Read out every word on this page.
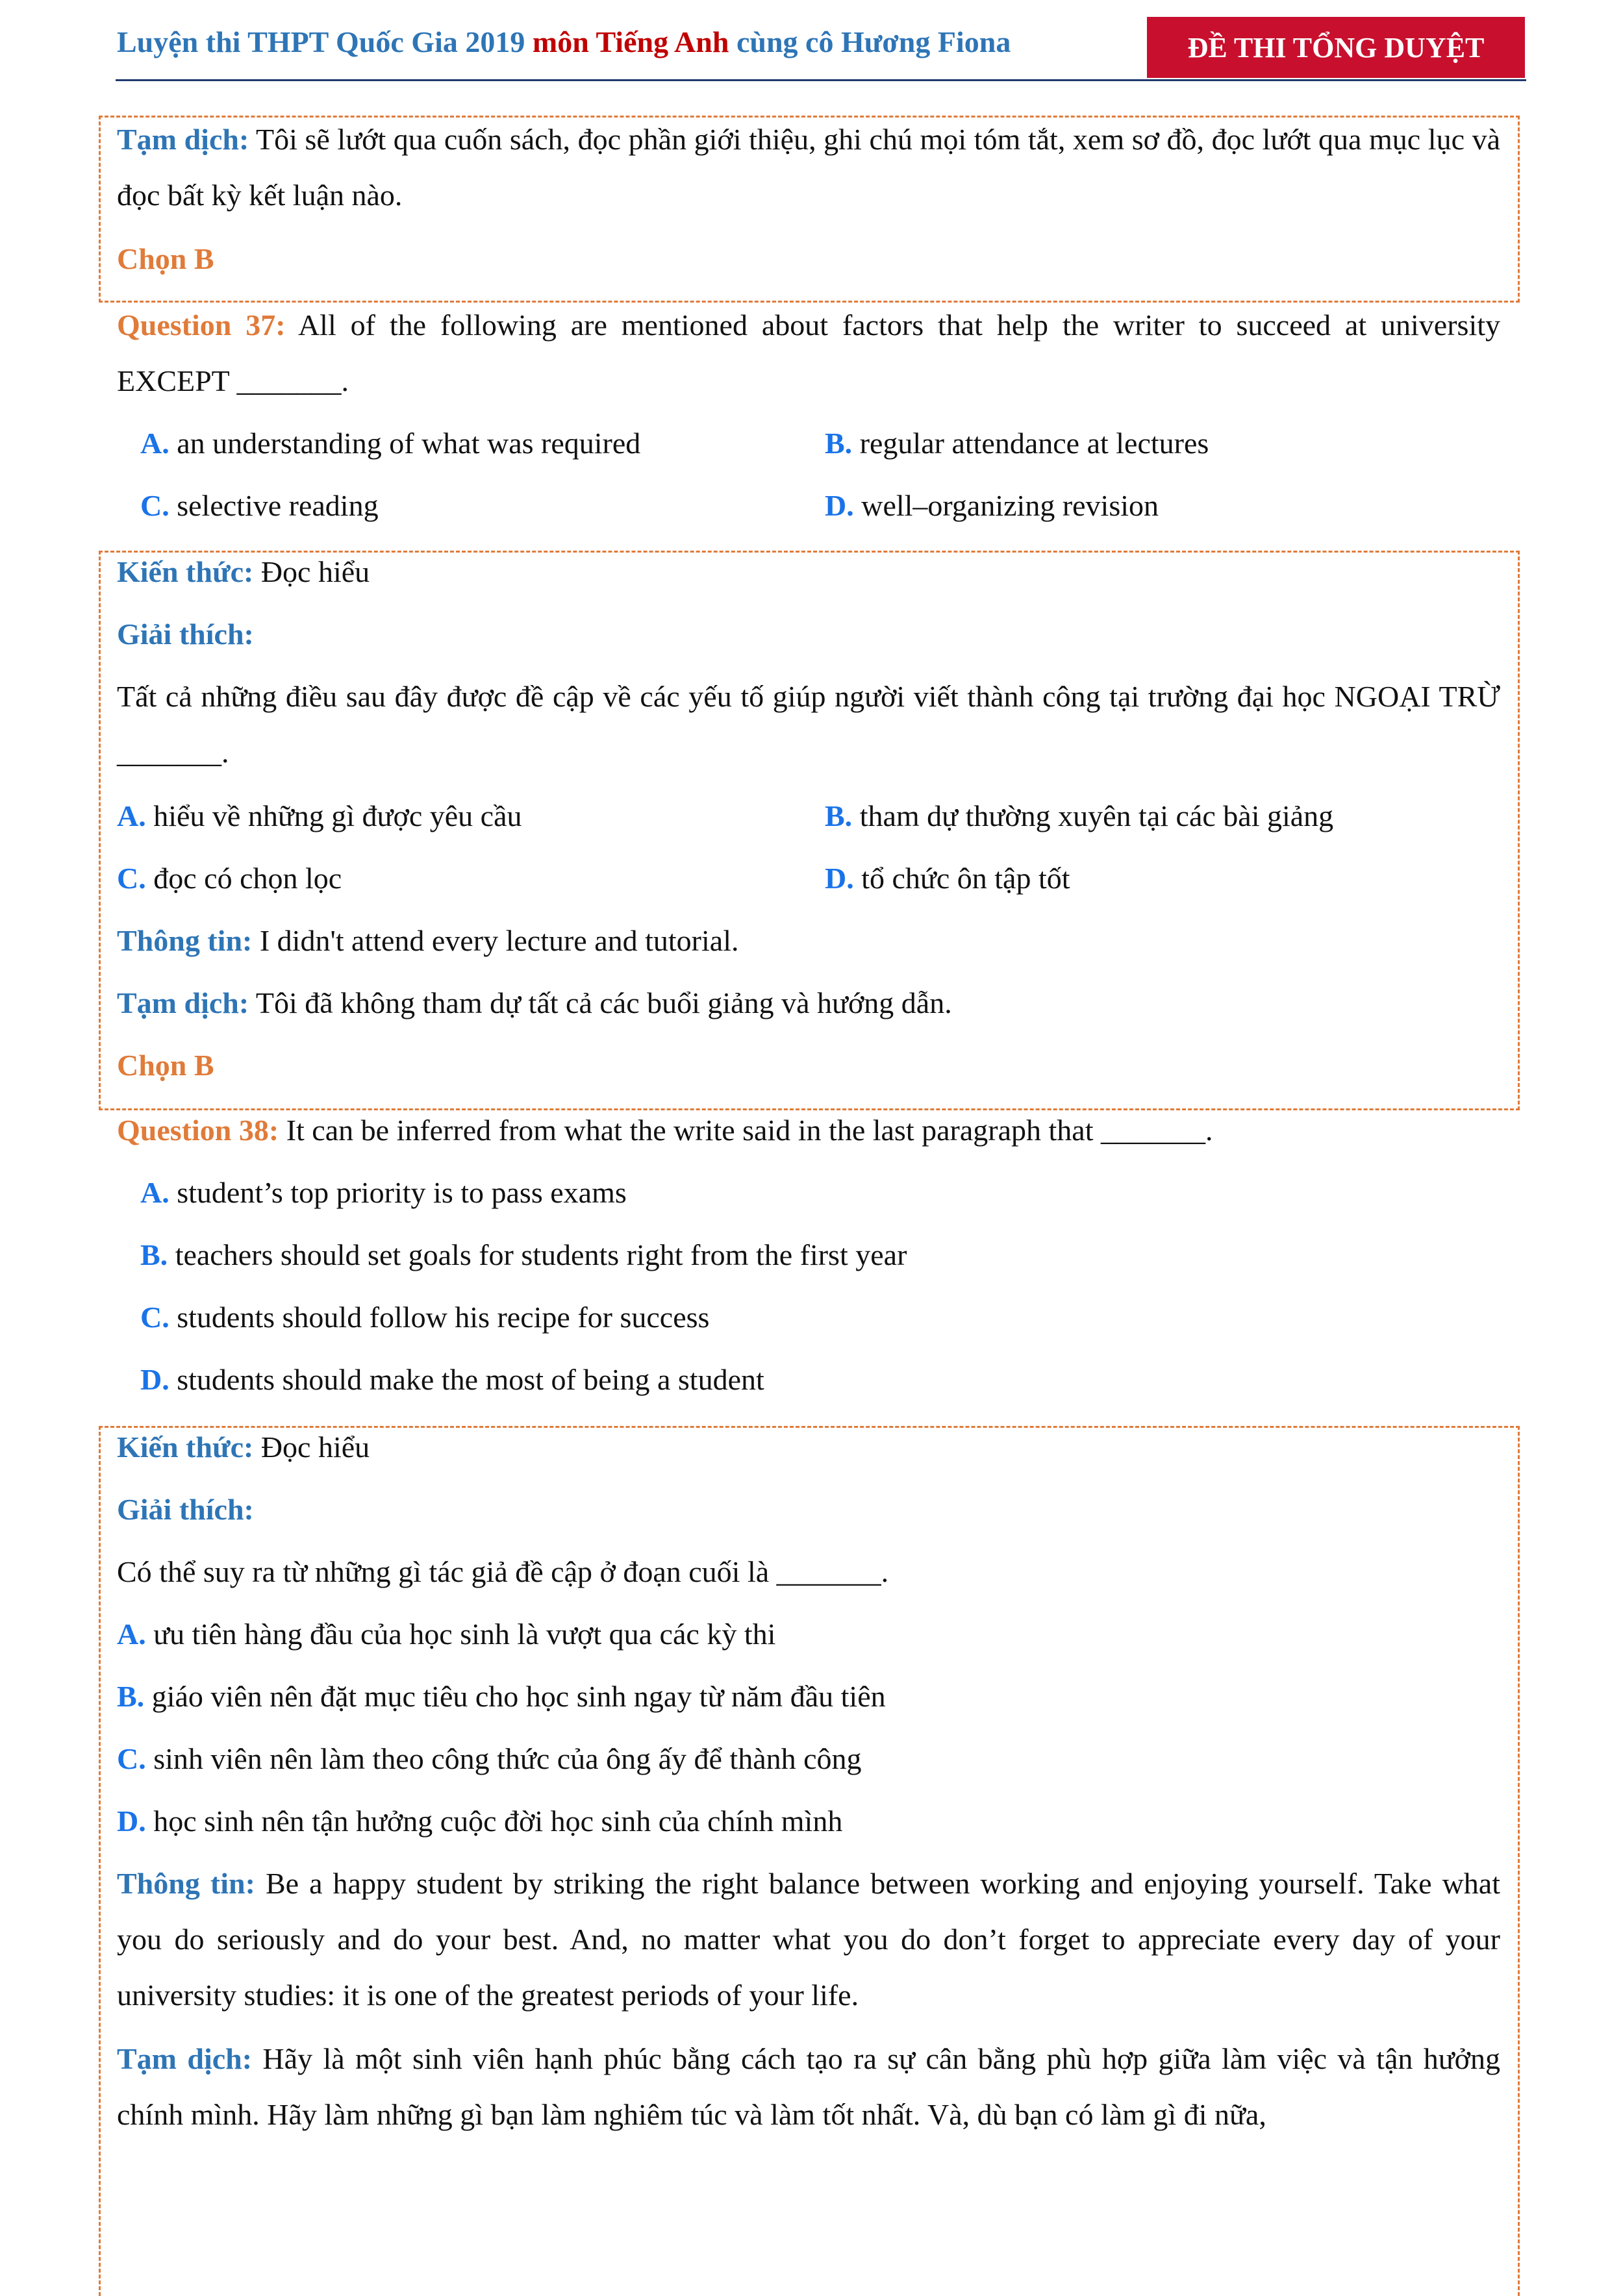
Luyện thi THPT Quốc Gia 2019 môn Tiếng Anh cùng cô Hương Fiona	ĐỀ THI TỔNG DUYỆT
Tạm dịch: Tôi sẽ lướt qua cuốn sách, đọc phần giới thiệu, ghi chú mọi tóm tắt, xem sơ đồ, đọc lướt qua mục lục và đọc bất kỳ kết luận nào.
Chọn B
Question 37: All of the following are mentioned about factors that help the writer to succeed at university EXCEPT _______.
A. an understanding of what was required	B. regular attendance at lectures
C. selective reading	D. well–organizing revision
Kiến thức: Đọc hiểu
Giải thích:
Tất cả những điều sau đây được đề cập về các yếu tố giúp người viết thành công tại trường đại học NGOẠI TRỪ _______.
A. hiểu về những gì được yêu cầu	B. tham dự thường xuyên tại các bài giảng
C. đọc có chọn lọc	D. tổ chức ôn tập tốt
Thông tin: I didn't attend every lecture and tutorial.
Tạm dịch: Tôi đã không tham dự tất cả các buổi giảng và hướng dẫn.
Chọn B
Question 38: It can be inferred from what the write said in the last paragraph that _______.
A. student’s top priority is to pass exams
B. teachers should set goals for students right from the first year
C. students should follow his recipe for success
D. students should make the most of being a student
Kiến thức: Đọc hiểu
Giải thích:
Có thể suy ra từ những gì tác giả đề cập ở đoạn cuối là _______.
A. ưu tiên hàng đầu của học sinh là vượt qua các kỳ thi
B. giáo viên nên đặt mục tiêu cho học sinh ngay từ năm đầu tiên
C. sinh viên nên làm theo công thức của ông ấy để thành công
D. học sinh nên tận hưởng cuộc đời học sinh của chính mình
Thông tin: Be a happy student by striking the right balance between working and enjoying yourself. Take what you do seriously and do your best. And, no matter what you do don’t forget to appreciate every day of your university studies: it is one of the greatest periods of your life.
Tạm dịch: Hãy là một sinh viên hạnh phúc bằng cách tạo ra sự cân bằng phù hợp giữa làm việc và tận hưởng chính mình. Hãy làm những gì bạn làm nghiêm túc và làm tốt nhất. Và, dù bạn có làm gì đi nữa,
